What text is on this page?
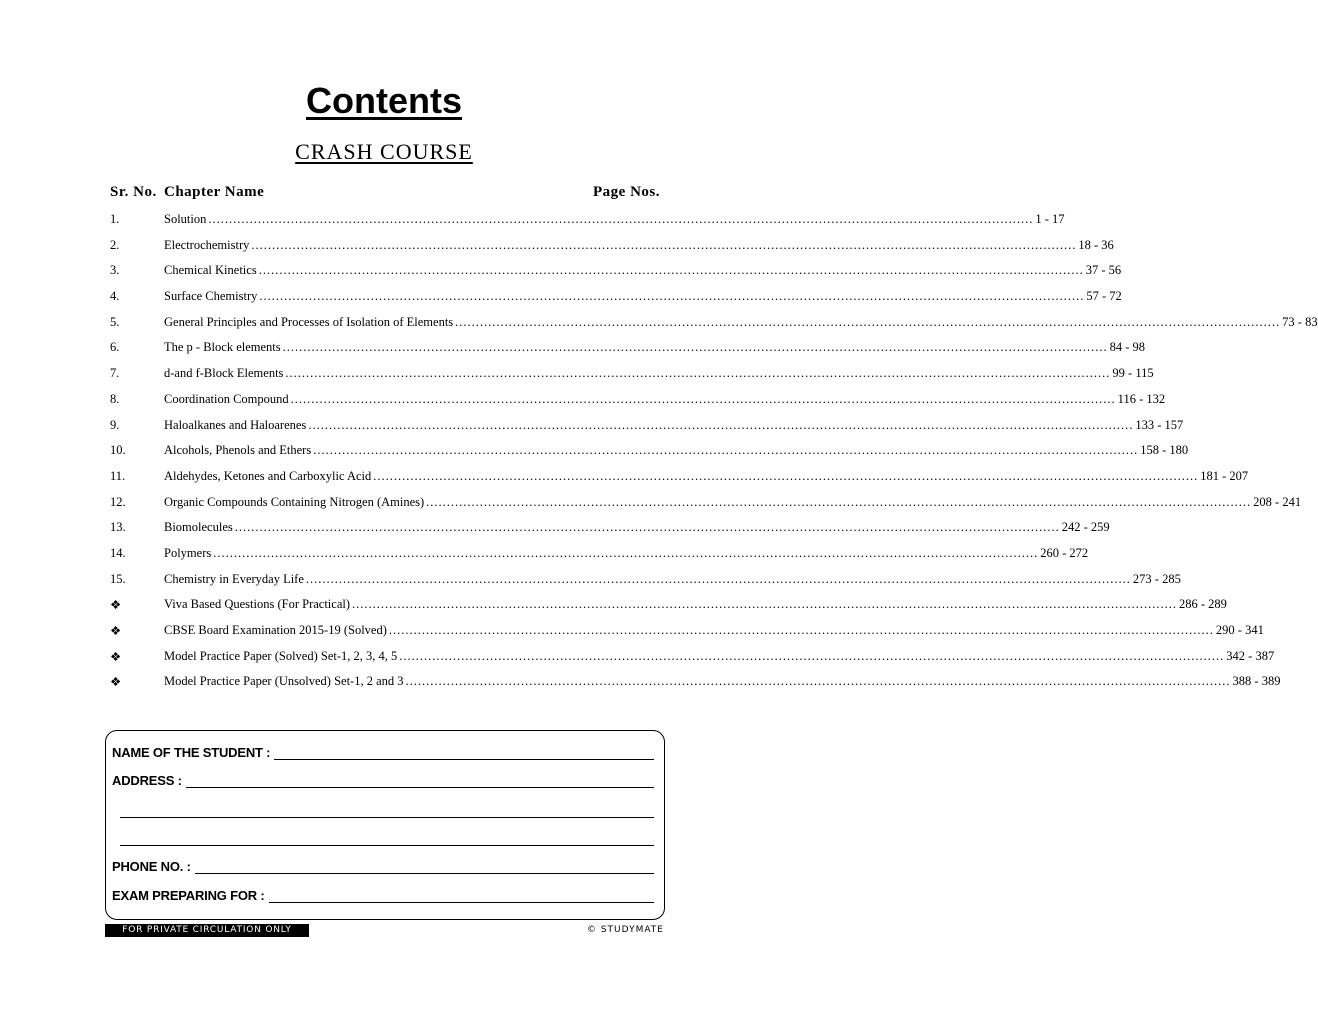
Contents
CRASH COURSE
Sr. No. Chapter Name	Page Nos.
1.	Solution ........................................................................................................................................................................................................ 1 - 17
2.	Electrochemistry ........................................................................................................................................................................................................ 18 - 36
3.	Chemical Kinetics ........................................................................................................................................................................................................ 37 - 56
4.	Surface Chemistry ........................................................................................................................................................................................................ 57 - 72
5.	General Principles and Processes of Isolation of Elements ........................................................................................................................................................................................................ 73 - 83
6.	The p - Block elements ........................................................................................................................................................................................................ 84 - 98
7.	d-and f-Block Elements ........................................................................................................................................................................................................ 99 - 115
8.	Coordination Compound ........................................................................................................................................................................................................ 116 - 132
9.	Haloalkanes and Haloarenes ........................................................................................................................................................................................................ 133 - 157
10.	Alcohols, Phenols and Ethers ........................................................................................................................................................................................................ 158 - 180
11.	Aldehydes, Ketones and Carboxylic Acid ........................................................................................................................................................................................................ 181 - 207
12.	Organic Compounds Containing Nitrogen (Amines) ........................................................................................................................................................................................................ 208 - 241
13.	Biomolecules ........................................................................................................................................................................................................ 242 - 259
14.	Polymers ........................................................................................................................................................................................................ 260 - 272
15.	Chemistry in Everyday Life ........................................................................................................................................................................................................ 273 - 285
❖	Viva Based Questions (For Practical) ........................................................................................................................................................................................................ 286 - 289
❖	CBSE Board Examination 2015-19 (Solved) ........................................................................................................................................................................................................ 290 - 341
❖	Model Practice Paper (Solved) Set-1, 2, 3, 4, 5 ........................................................................................................................................................................................................ 342 - 387
❖	Model Practice Paper (Unsolved) Set-1, 2 and 3 ........................................................................................................................................................................................................ 388 - 389
NAME OF THE STUDENT :
ADDRESS :
PHONE NO. :
EXAM PREPARING FOR :
FOR PRIVATE CIRCULATION ONLY	© STUDYMATE
